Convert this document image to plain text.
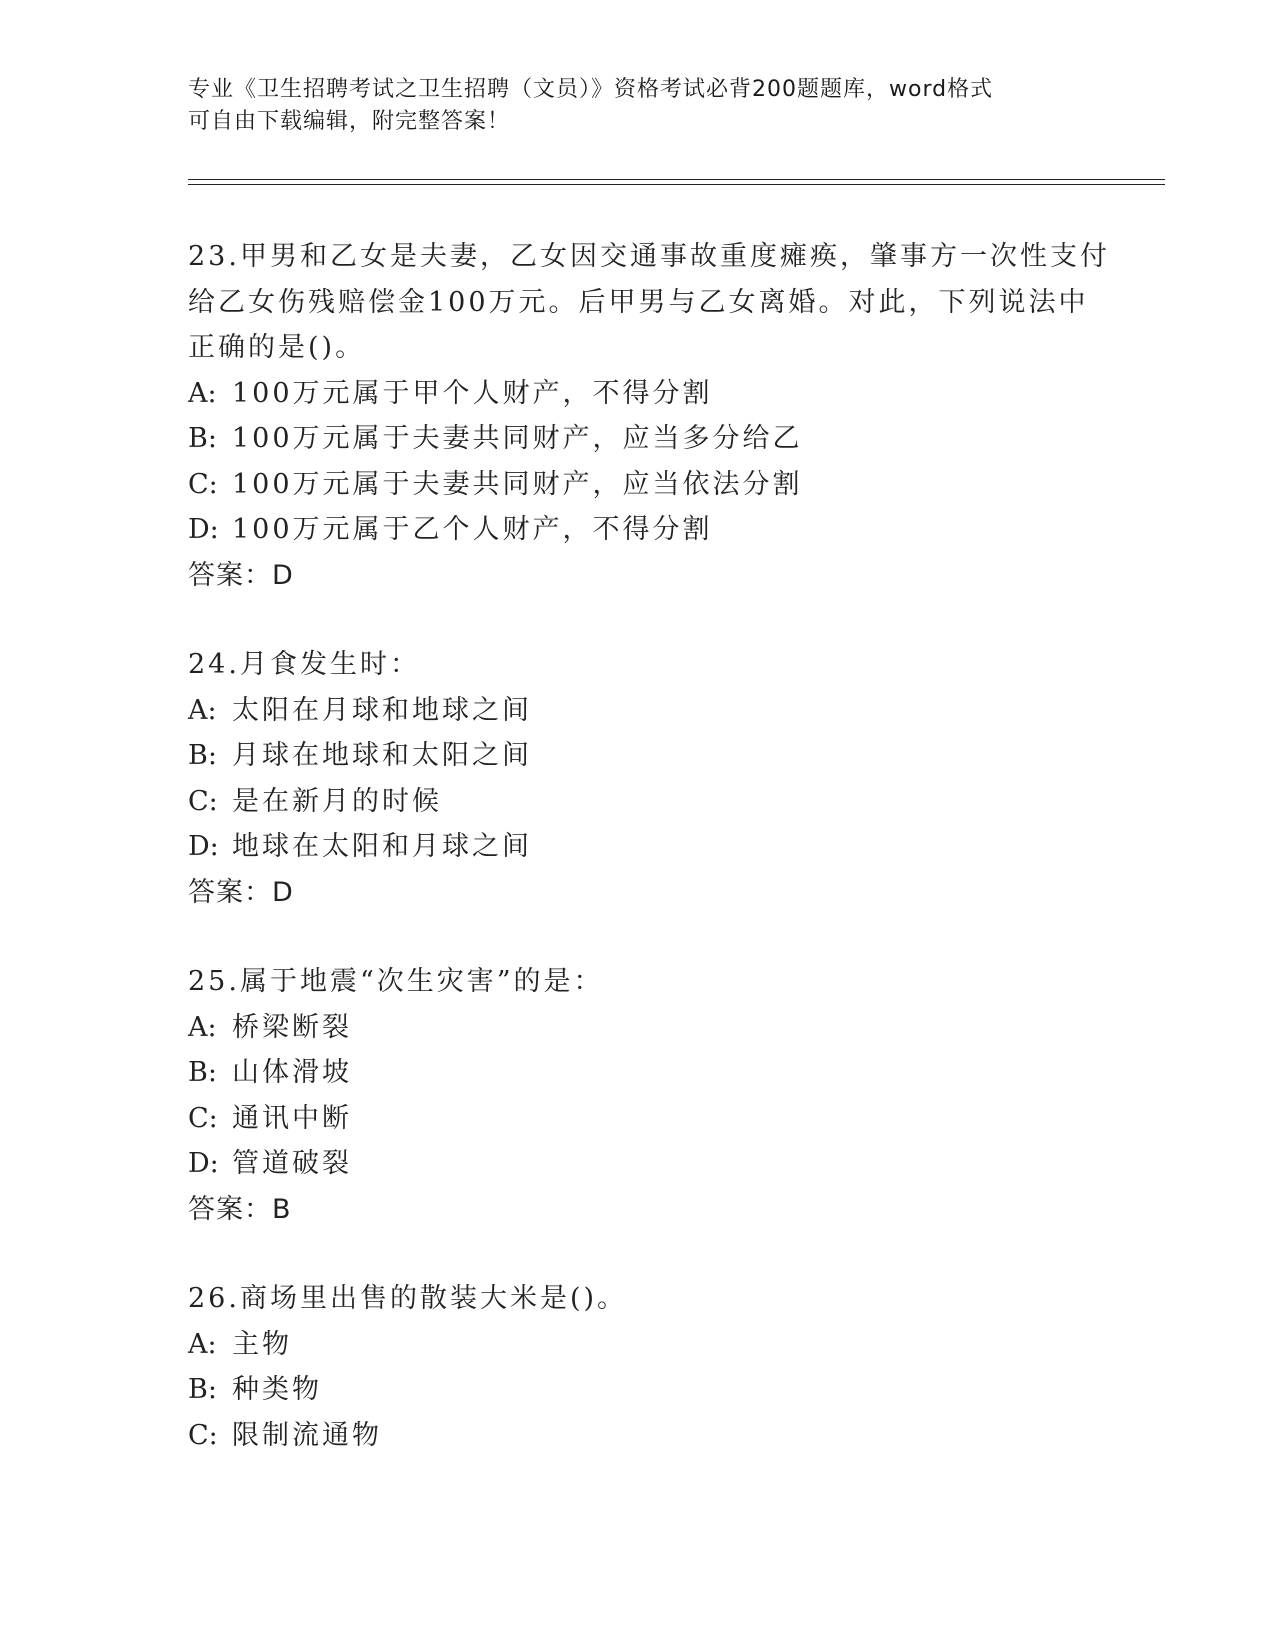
专业《卫生招聘考试之卫生招聘（文员）》资格考试必背200题题库，word格式
可自由下载编辑，附完整答案！
23.甲男和乙女是夫妻，乙女因交通事故重度瘫痪，肇事方一次性支付
给乙女伤残赔偿金100万元。后甲男与乙女离婚。对此，下列说法中
正确的是()。
A: 100万元属于甲个人财产，不得分割
B: 100万元属于夫妻共同财产，应当多分给乙
C: 100万元属于夫妻共同财产，应当依法分割
D: 100万元属于乙个人财产，不得分割
答案：D
24.月食发生时：
A: 太阳在月球和地球之间
B: 月球在地球和太阳之间
C: 是在新月的时候
D: 地球在太阳和月球之间
答案：D
25.属于地震“次生灾害”的是：
A: 桥梁断裂
B: 山体滑坡
C: 通讯中断
D: 管道破裂
答案：B
26.商场里出售的散装大米是()。
A: 主物
B: 种类物
C: 限制流通物
